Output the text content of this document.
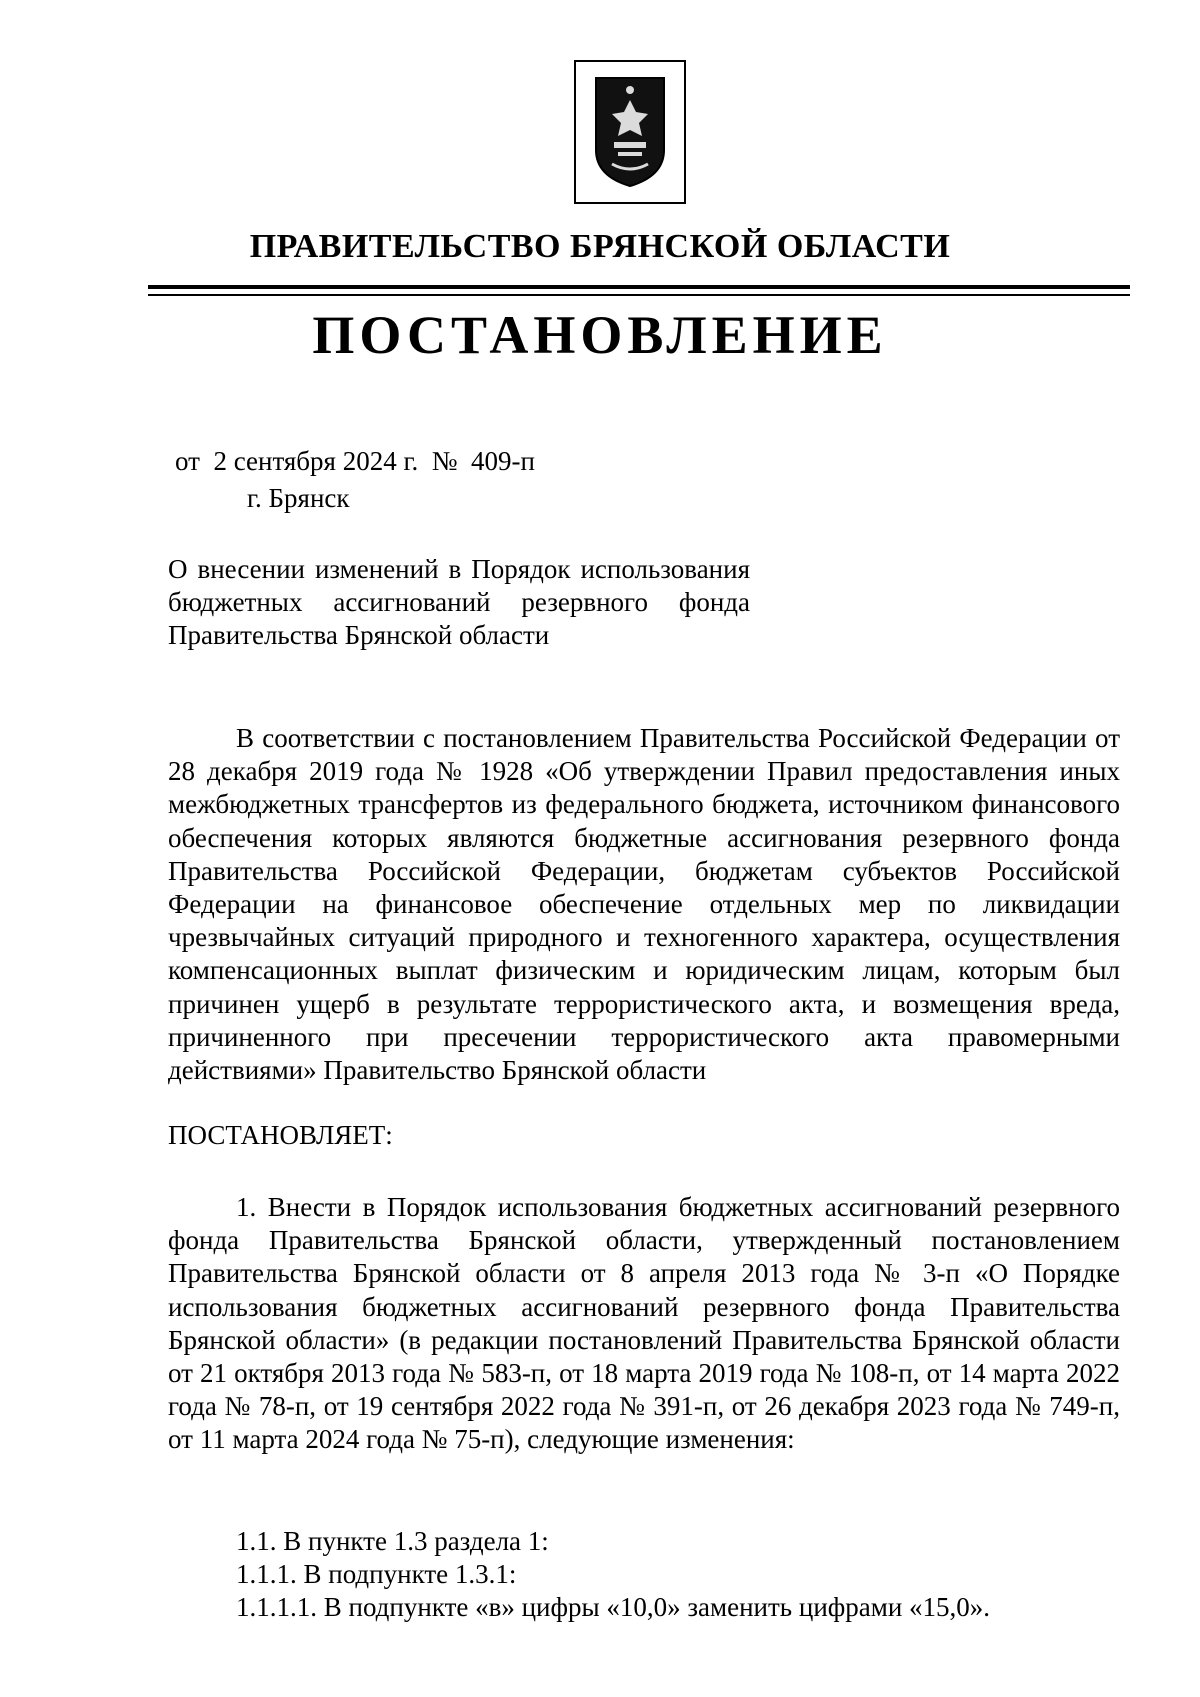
ПРАВИТЕЛЬСТВО БРЯНСКОЙ ОБЛАСТИ
ПОСТАНОВЛЕНИЕ
от  2 сентября 2024 г.  №  409-п
г. Брянск

О внесении изменений в Порядок использования бюджетных ассигнований резервного фонда Правительства Брянской области

В соответствии с постановлением Правительства Российской Федерации от 28 декабря 2019 года № 1928 «Об утверждении Правил предоставления иных межбюджетных трансфертов из федерального бюджета, источником финансового обеспечения которых являются бюджетные ассигнования резервного фонда Правительства Российской Федерации, бюджетам субъектов Российской Федерации на финансовое обеспечение отдельных мер по ликвидации чрезвычайных ситуаций природного и техногенного характера, осуществления компенсационных выплат физическим и юридическим лицам, которым был причинен ущерб в результате террористического акта, и возмещения вреда, причиненного при пресечении террористического акта правомерными действиями» Правительство Брянской области

ПОСТАНОВЛЯЕТ:

1. Внести в Порядок использования бюджетных ассигнований резервного фонда Правительства Брянской области, утвержденный постановлением Правительства Брянской области от 8 апреля 2013 года № 3-п «О Порядке использования бюджетных ассигнований резервного фонда Правительства Брянской области» (в редакции постановлений Правительства Брянской области от 21 октября 2013 года № 583-п, от 18 марта 2019 года № 108-п, от 14 марта 2022 года № 78-п, от 19 сентября 2022 года № 391-п, от 26 декабря 2023 года № 749-п, от 11 марта 2024 года № 75-п), следующие изменения:

1.1. В пункте 1.3 раздела 1:

1.1.1. В подпункте 1.3.1:

1.1.1.1. В подпункте «в» цифры «10,0» заменить цифрами «15,0».
